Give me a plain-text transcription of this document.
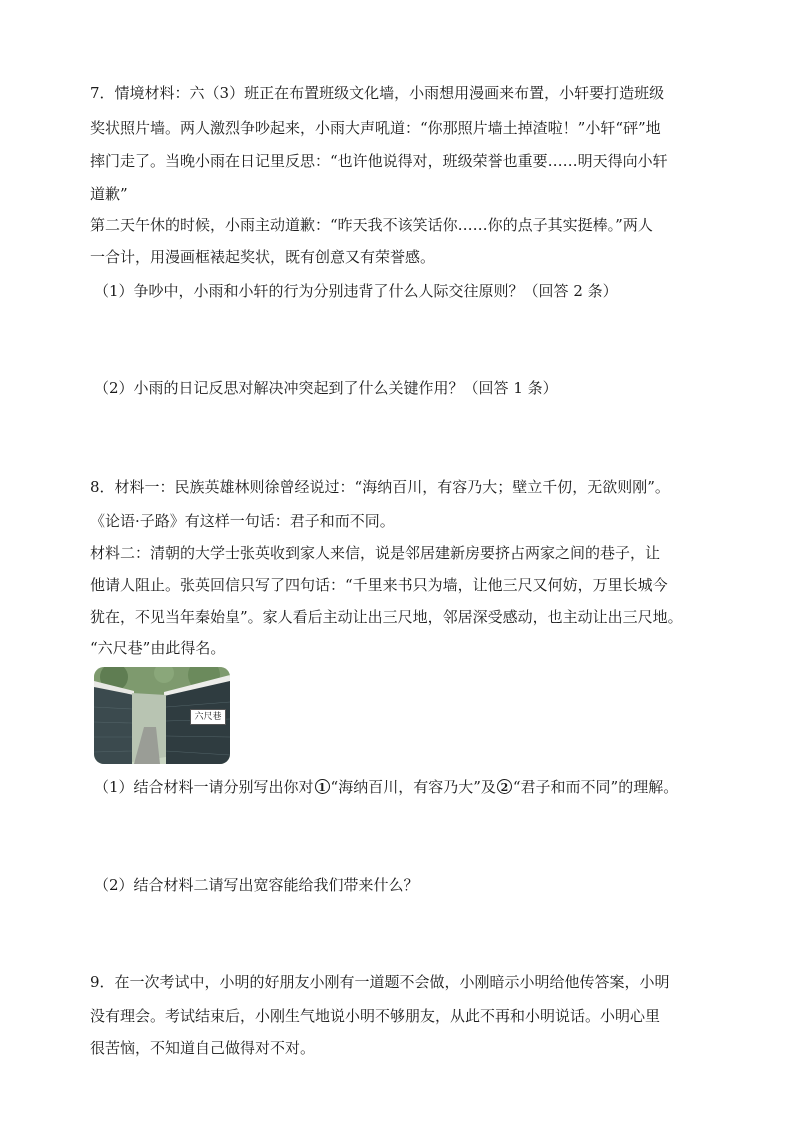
7．情境材料：六（3）班正在布置班级文化墙，小雨想用漫画来布置，小轩要打造班级
奖状照片墙。两人激烈争吵起来，小雨大声吼道：“你那照片墙土掉渣啦！”小轩“砰”地
摔门走了。当晚小雨在日记里反思：“也许他说得对，班级荣誉也重要……明天得向小轩
道歉”
第二天午休的时候，小雨主动道歉：“昨天我不该笑话你……你的点子其实挺棒。”两人
一合计，用漫画框裱起奖状，既有创意又有荣誉感。
（1）争吵中，小雨和小轩的行为分别违背了什么人际交往原则？（回答 2 条）
（2）小雨的日记反思对解决冲突起到了什么关键作用？（回答 1 条）
8．材料一：民族英雄林则徐曾经说过：“海纳百川，有容乃大；壁立千仞，无欲则刚”。
《论语·子路》有这样一句话：君子和而不同。
材料二：清朝的大学士张英收到家人来信，说是邻居建新房要挤占两家之间的巷子，让
他请人阻止。张英回信只写了四句话：“千里来书只为墙，让他三尺又何妨，万里长城今
犹在，不见当年秦始皇”。家人看后主动让出三尺地，邻居深受感动，也主动让出三尺地。
“六尺巷”由此得名。
六尺巷
（1）结合材料一请分别写出你对 1 “海纳百川，有容乃大”及 2 “君子和而不同”的理解。
（2）结合材料二请写出宽容能给我们带来什么？
9．在一次考试中，小明的好朋友小刚有一道题不会做，小刚暗示小明给他传答案，小明
没有理会。考试结束后，小刚生气地说小明不够朋友，从此不再和小明说话。小明心里
很苦恼，不知道自己做得对不对。
